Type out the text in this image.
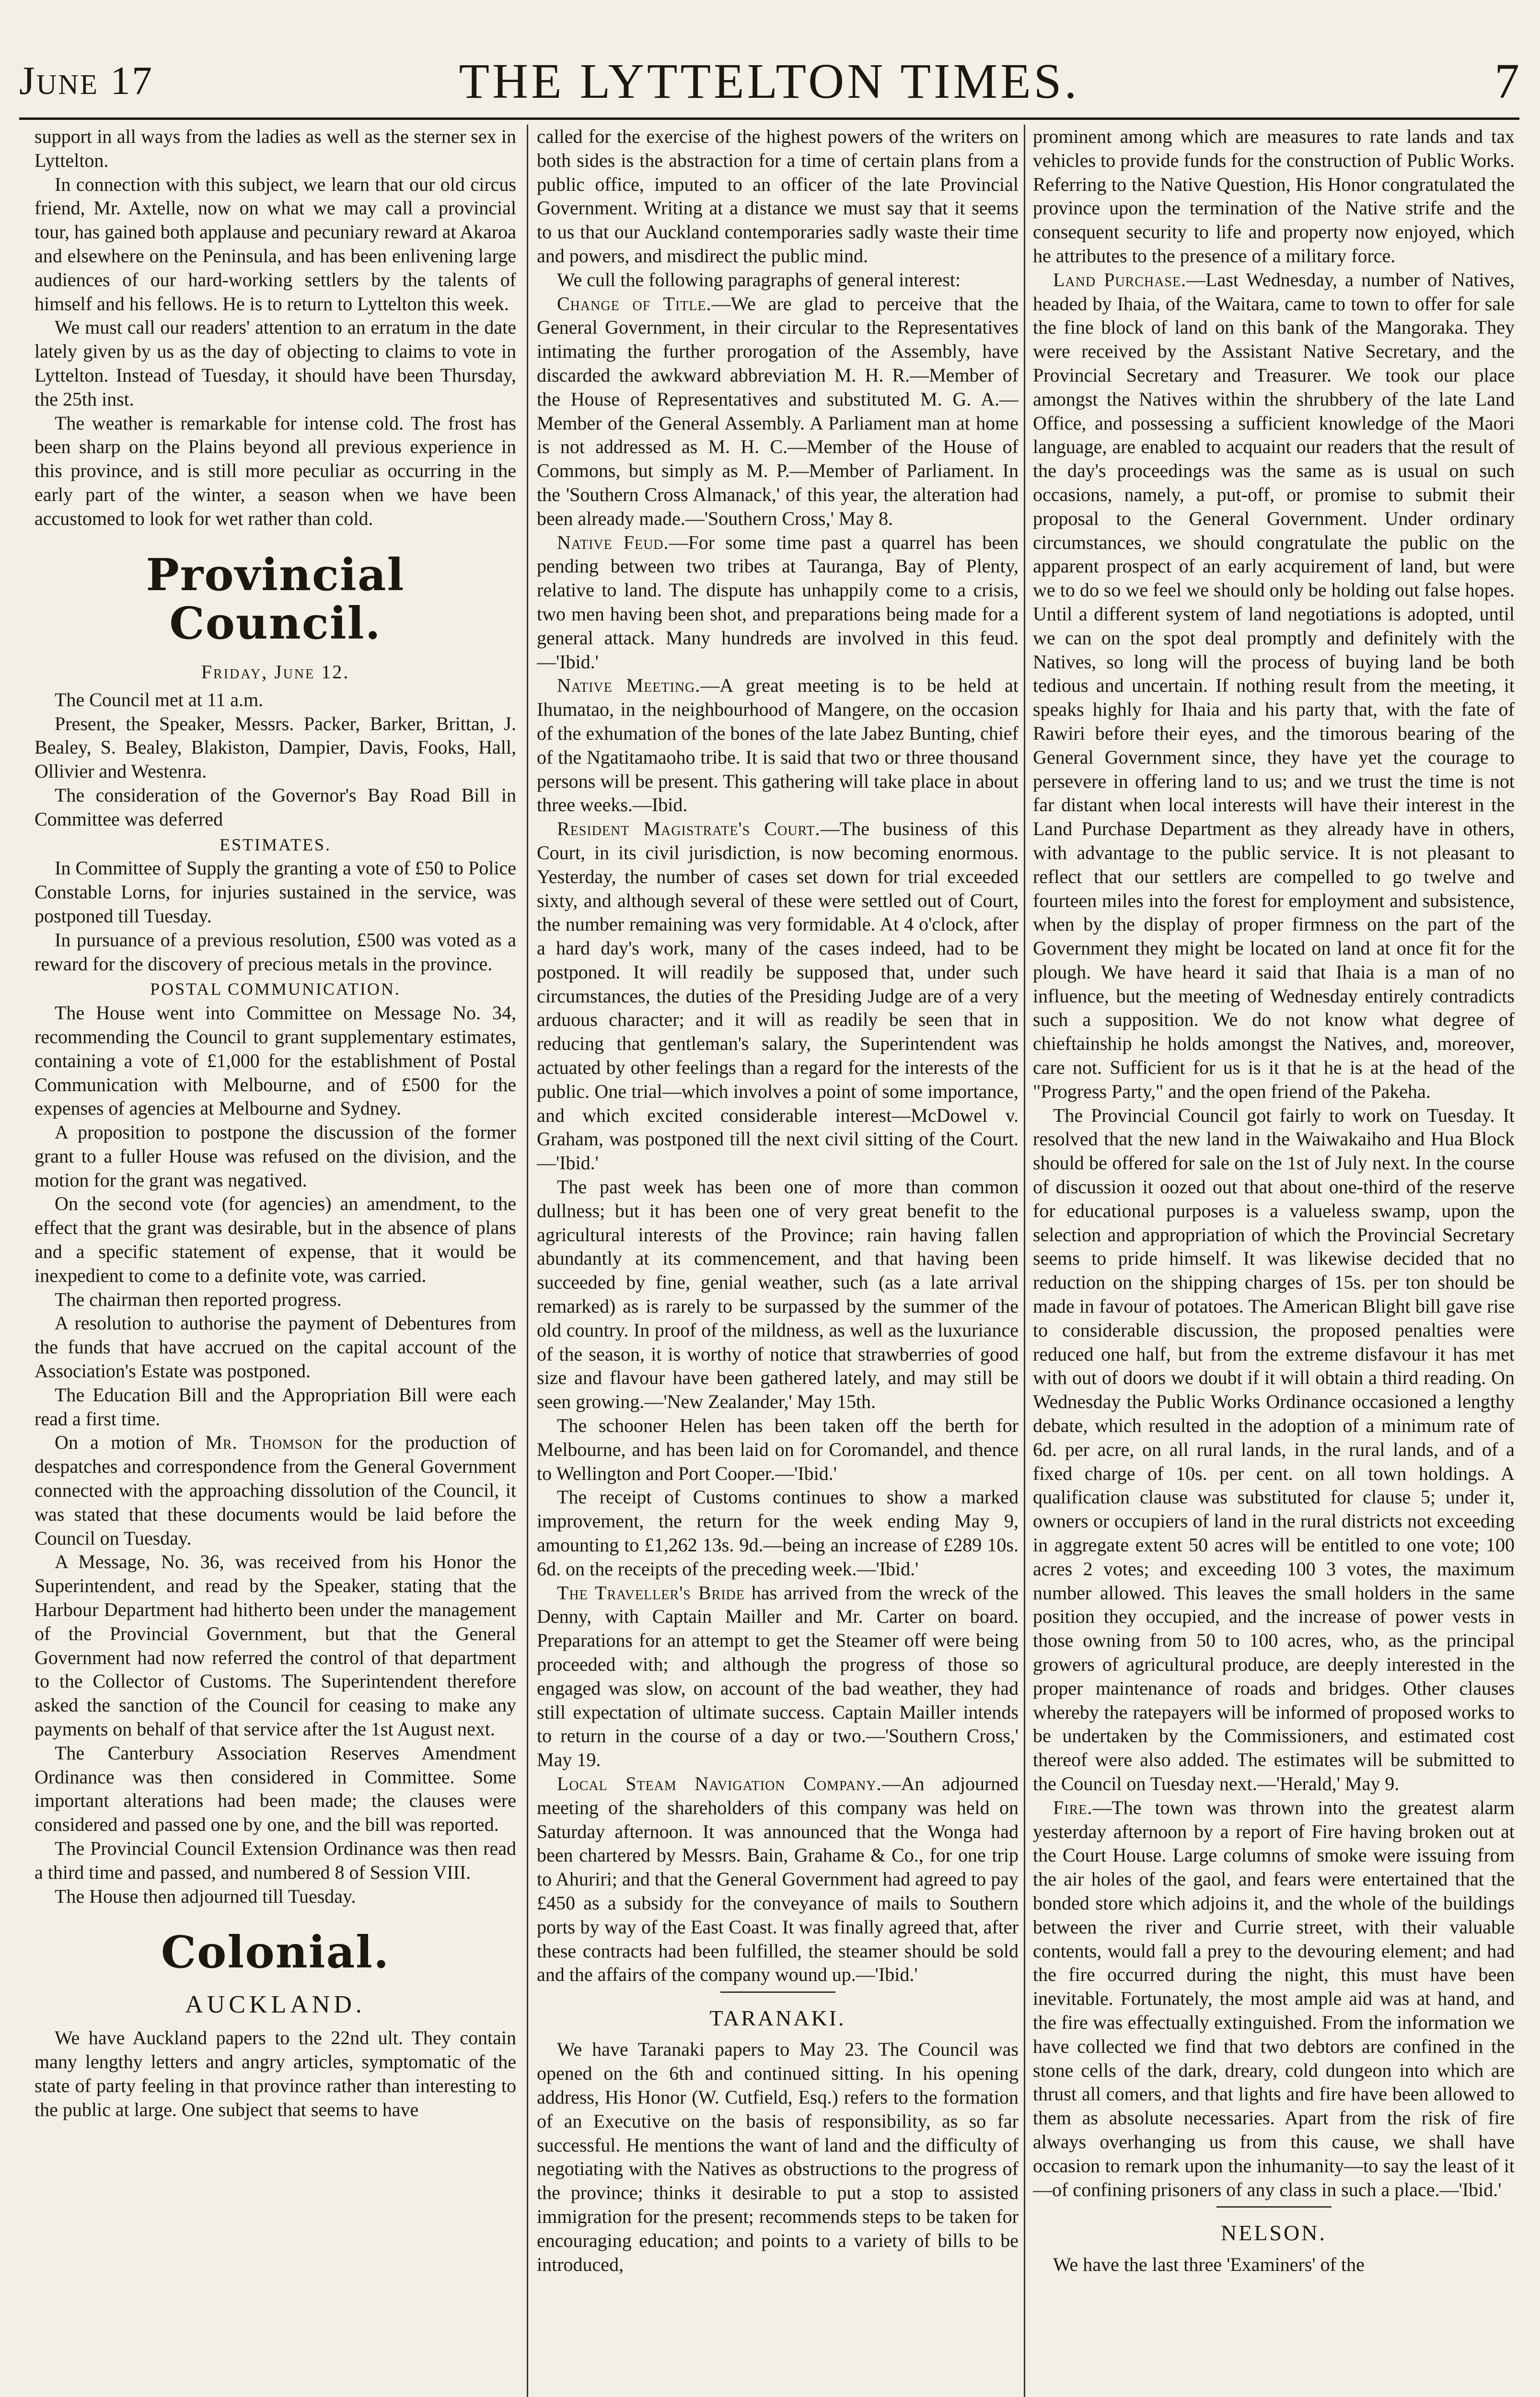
June 17	THE LYTTELTON TIMES.	7

support in all ways from the ladies as well as the sterner sex in Lyttelton.

In connection with this subject, we learn that our old circus friend, Mr. Axtelle, now on what we may call a provincial tour, has gained both applause and pecuniary reward at Akaroa and elsewhere on the Peninsula, and has been enlivening large audiences of our hard-working settlers by the talents of himself and his fellows. He is to return to Lyttelton this week.

We must call our readers' attention to an erratum in the date lately given by us as the day of objecting to claims to vote in Lyttelton. Instead of Tuesday, it should have been Thursday, the 25th inst.

The weather is remarkable for intense cold. The frost has been sharp on the Plains beyond all previous experience in this province, and is still more peculiar as occurring in the early part of the winter, a season when we have been accustomed to look for wet rather than cold.

Provincial Council.
Friday, June 12.

The Council met at 11 a.m.

Present, the Speaker, Messrs. Packer, Barker, Brittan, J. Bealey, S. Bealey, Blakiston, Dampier, Davis, Fooks, Hall, Ollivier and Westenra.

The consideration of the Governor's Bay Road Bill in Committee was deferred

ESTIMATES.

In Committee of Supply the granting a vote of £50 to Police Constable Lorns, for injuries sustained in the service, was postponed till Tuesday.

In pursuance of a previous resolution, £500 was voted as a reward for the discovery of precious metals in the province.

POSTAL COMMUNICATION.

The House went into Committee on Message No. 34, recommending the Council to grant supplementary estimates, containing a vote of £1,000 for the establishment of Postal Communication with Melbourne, and of £500 for the expenses of agencies at Melbourne and Sydney.

A proposition to postpone the discussion of the former grant to a fuller House was refused on the division, and the motion for the grant was negatived.

On the second vote (for agencies) an amendment, to the effect that the grant was desirable, but in the absence of plans and a specific statement of expense, that it would be inexpedient to come to a definite vote, was carried.

The chairman then reported progress.

A resolution to authorise the payment of Debentures from the funds that have accrued on the capital account of the Association's Estate was postponed.

The Education Bill and the Appropriation Bill were each read a first time.

On a motion of Mr. Thomson for the production of despatches and correspondence from the General Government connected with the approaching dissolution of the Council, it was stated that these documents would be laid before the Council on Tuesday.

A Message, No. 36, was received from his Honor the Superintendent, and read by the Speaker, stating that the Harbour Department had hitherto been under the management of the Provincial Government, but that the General Government had now referred the control of that department to the Collector of Customs. The Superintendent therefore asked the sanction of the Council for ceasing to make any payments on behalf of that service after the 1st August next.

The Canterbury Association Reserves Amendment Ordinance was then considered in Committee. Some important alterations had been made; the clauses were considered and passed one by one, and the bill was reported.

The Provincial Council Extension Ordinance was then read a third time and passed, and numbered 8 of Session VIII.

The House then adjourned till Tuesday.

Colonial.
AUCKLAND.

We have Auckland papers to the 22nd ult. They contain many lengthy letters and angry articles, symptomatic of the state of party feeling in that province rather than interesting to the public at large. One subject that seems to have

called for the exercise of the highest powers of the writers on both sides is the abstraction for a time of certain plans from a public office, imputed to an officer of the late Provincial Government. Writing at a distance we must say that it seems to us that our Auckland contemporaries sadly waste their time and powers, and misdirect the public mind.

We cull the following paragraphs of general interest:

Change of Title.—We are glad to perceive that the General Government, in their circular to the Representatives intimating the further prorogation of the Assembly, have discarded the awkward abbreviation M. H. R.—Member of the House of Representatives and substituted M. G. A.—Member of the General Assembly. A Parliament man at home is not addressed as M. H. C.—Member of the House of Commons, but simply as M. P.—Member of Parliament. In the 'Southern Cross Almanack,' of this year, the alteration had been already made.—'Southern Cross,' May 8.

Native Feud.—For some time past a quarrel has been pending between two tribes at Tauranga, Bay of Plenty, relative to land. The dispute has unhappily come to a crisis, two men having been shot, and preparations being made for a general attack. Many hundreds are involved in this feud.—'Ibid.'

Native Meeting.—A great meeting is to be held at Ihumatao, in the neighbourhood of Mangere, on the occasion of the exhumation of the bones of the late Jabez Bunting, chief of the Ngatitamaoho tribe. It is said that two or three thousand persons will be present. This gathering will take place in about three weeks.—Ibid.

Resident Magistrate's Court.—The business of this Court, in its civil jurisdiction, is now becoming enormous. Yesterday, the number of cases set down for trial exceeded sixty, and although several of these were settled out of Court, the number remaining was very formidable. At 4 o'clock, after a hard day's work, many of the cases indeed, had to be postponed. It will readily be supposed that, under such circumstances, the duties of the Presiding Judge are of a very arduous character; and it will as readily be seen that in reducing that gentleman's salary, the Superintendent was actuated by other feelings than a regard for the interests of the public. One trial—which involves a point of some importance, and which excited considerable interest—McDowel v. Graham, was postponed till the next civil sitting of the Court.—'Ibid.'

The past week has been one of more than common dullness; but it has been one of very great benefit to the agricultural interests of the Province; rain having fallen abundantly at its commencement, and that having been succeeded by fine, genial weather, such (as a late arrival remarked) as is rarely to be surpassed by the summer of the old country. In proof of the mildness, as well as the luxuriance of the season, it is worthy of notice that strawberries of good size and flavour have been gathered lately, and may still be seen growing.—'New Zealander,' May 15th.

The schooner Helen has been taken off the berth for Melbourne, and has been laid on for Coromandel, and thence to Wellington and Port Cooper.—'Ibid.'

The receipt of Customs continues to show a marked improvement, the return for the week ending May 9, amounting to £1,262 13s. 9d.—being an increase of £289 10s. 6d. on the receipts of the preceding week.—'Ibid.'

The Traveller's Bride has arrived from the wreck of the Denny, with Captain Mailler and Mr. Carter on board. Preparations for an attempt to get the Steamer off were being proceeded with; and although the progress of those so engaged was slow, on account of the bad weather, they had still expectation of ultimate success. Captain Mailler intends to return in the course of a day or two.—'Southern Cross,' May 19.

Local Steam Navigation Company.—An adjourned meeting of the shareholders of this company was held on Saturday afternoon. It was announced that the Wonga had been chartered by Messrs. Bain, Grahame & Co., for one trip to Ahuriri; and that the General Government had agreed to pay £450 as a subsidy for the conveyance of mails to Southern ports by way of the East Coast. It was finally agreed that, after these contracts had been fulfilled, the steamer should be sold and the affairs of the company wound up.—'Ibid.'

TARANAKI.

We have Taranaki papers to May 23. The Council was opened on the 6th and continued sitting. In his opening address, His Honor (W. Cutfield, Esq.) refers to the formation of an Executive on the basis of responsibility, as so far successful. He mentions the want of land and the difficulty of negotiating with the Natives as obstructions to the progress of the province; thinks it desirable to put a stop to assisted immigration for the present; recommends steps to be taken for encouraging education; and points to a variety of bills to be introduced,

prominent among which are measures to rate lands and tax vehicles to provide funds for the construction of Public Works. Referring to the Native Question, His Honor congratulated the province upon the termination of the Native strife and the consequent security to life and property now enjoyed, which he attributes to the presence of a military force.

Land Purchase.—Last Wednesday, a number of Natives, headed by Ihaia, of the Waitara, came to town to offer for sale the fine block of land on this bank of the Mangoraka. They were received by the Assistant Native Secretary, and the Provincial Secretary and Treasurer. We took our place amongst the Natives within the shrubbery of the late Land Office, and possessing a sufficient knowledge of the Maori language, are enabled to acquaint our readers that the result of the day's proceedings was the same as is usual on such occasions, namely, a put-off, or promise to submit their proposal to the General Government. Under ordinary circumstances, we should congratulate the public on the apparent prospect of an early acquirement of land, but were we to do so we feel we should only be holding out false hopes. Until a different system of land negotiations is adopted, until we can on the spot deal promptly and definitely with the Natives, so long will the process of buying land be both tedious and uncertain. If nothing result from the meeting, it speaks highly for Ihaia and his party that, with the fate of Rawiri before their eyes, and the timorous bearing of the General Government since, they have yet the courage to persevere in offering land to us; and we trust the time is not far distant when local interests will have their interest in the Land Purchase Department as they already have in others, with advantage to the public service. It is not pleasant to reflect that our settlers are compelled to go twelve and fourteen miles into the forest for employment and subsistence, when by the display of proper firmness on the part of the Government they might be located on land at once fit for the plough. We have heard it said that Ihaia is a man of no influence, but the meeting of Wednesday entirely contradicts such a supposition. We do not know what degree of chieftainship he holds amongst the Natives, and, moreover, care not. Sufficient for us is it that he is at the head of the "Progress Party," and the open friend of the Pakeha.

The Provincial Council got fairly to work on Tuesday. It resolved that the new land in the Waiwakaiho and Hua Block should be offered for sale on the 1st of July next. In the course of discussion it oozed out that about one-third of the reserve for educational purposes is a valueless swamp, upon the selection and appropriation of which the Provincial Secretary seems to pride himself. It was likewise decided that no reduction on the shipping charges of 15s. per ton should be made in favour of potatoes. The American Blight bill gave rise to considerable discussion, the proposed penalties were reduced one half, but from the extreme disfavour it has met with out of doors we doubt if it will obtain a third reading. On Wednesday the Public Works Ordinance occasioned a lengthy debate, which resulted in the adoption of a minimum rate of 6d. per acre, on all rural lands, in the rural lands, and of a fixed charge of 10s. per cent. on all town holdings. A qualification clause was substituted for clause 5; under it, owners or occupiers of land in the rural districts not exceeding in aggregate extent 50 acres will be entitled to one vote; 100 acres 2 votes; and exceeding 100 3 votes, the maximum number allowed. This leaves the small holders in the same position they occupied, and the increase of power vests in those owning from 50 to 100 acres, who, as the principal growers of agricultural produce, are deeply interested in the proper maintenance of roads and bridges. Other clauses whereby the ratepayers will be informed of proposed works to be undertaken by the Commissioners, and estimated cost thereof were also added. The estimates will be submitted to the Council on Tuesday next.—'Herald,' May 9.

Fire.—The town was thrown into the greatest alarm yesterday afternoon by a report of Fire having broken out at the Court House. Large columns of smoke were issuing from the air holes of the gaol, and fears were entertained that the bonded store which adjoins it, and the whole of the buildings between the river and Currie street, with their valuable contents, would fall a prey to the devouring element; and had the fire occurred during the night, this must have been inevitable. Fortunately, the most ample aid was at hand, and the fire was effectually extinguished. From the information we have collected we find that two debtors are confined in the stone cells of the dark, dreary, cold dungeon into which are thrust all comers, and that lights and fire have been allowed to them as absolute necessaries. Apart from the risk of fire always overhanging us from this cause, we shall have occasion to remark upon the inhumanity—to say the least of it—of confining prisoners of any class in such a place.—'Ibid.'

NELSON.

We have the last three 'Examiners' of the
